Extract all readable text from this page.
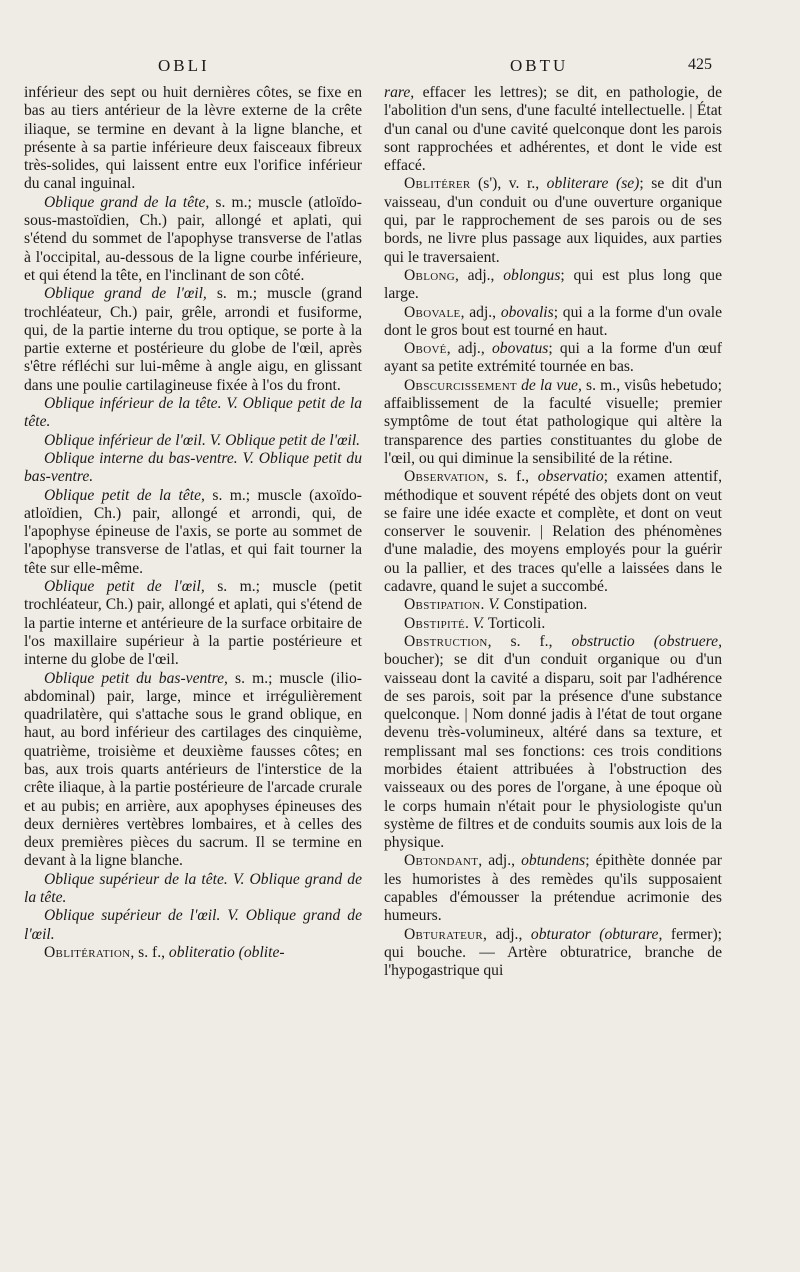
OBLI	OBTU	425

inférieur des sept ou huit dernières côtes, se fixe en bas au tiers antérieur de la lèvre externe de la crête iliaque, se termine en devant à la ligne blanche, et présente à sa partie inférieure deux faisceaux fibreux très-solides, qui laissent entre eux l'orifice inférieur du canal inguinal.

Oblique grand de la tête, s. m.; muscle (atloïdo-sous-mastoïdien, Ch.) pair, allongé et aplati, qui s'étend du sommet de l'apophyse transverse de l'atlas à l'occipital, au-dessous de la ligne courbe inférieure, et qui étend la tête, en l'inclinant de son côté.

Oblique grand de l'œil, s. m.; muscle (grand trochléateur, Ch.) pair, grêle, arrondi et fusiforme, qui, de la partie interne du trou optique, se porte à la partie externe et postérieure du globe de l'œil, après s'être réfléchi sur lui-même à angle aigu, en glissant dans une poulie cartilagineuse fixée à l'os du front.

Oblique inférieur de la tête. V. Oblique petit de la tête.

Oblique inférieur de l'œil. V. Oblique petit de l'œil.

Oblique interne du bas-ventre. V. Oblique petit du bas-ventre.

Oblique petit de la tête, s. m.; muscle (axoïdo-atloïdien, Ch.) pair, allongé et arrondi, qui, de l'apophyse épineuse de l'axis, se porte au sommet de l'apophyse transverse de l'atlas, et qui fait tourner la tête sur elle-même.

Oblique petit de l'œil, s. m.; muscle (petit trochléateur, Ch.) pair, allongé et aplati, qui s'étend de la partie interne et antérieure de la surface orbitaire de l'os maxillaire supérieur à la partie postérieure et interne du globe de l'œil.

Oblique petit du bas-ventre, s. m.; muscle (ilio-abdominal) pair, large, mince et irrégulièrement quadrilatère, qui s'attache sous le grand oblique, en haut, au bord inférieur des cartilages des cinquième, quatrième, troisième et deuxième fausses côtes; en bas, aux trois quarts antérieurs de l'interstice de la crête iliaque, à la partie postérieure de l'arcade crurale et au pubis; en arrière, aux apophyses épineuses des deux dernières vertèbres lombaires, et à celles des deux premières pièces du sacrum. Il se termine en devant à la ligne blanche.

Oblique supérieur de la tête. V. Oblique grand de la tête.

Oblique supérieur de l'œil. V. Oblique grand de l'œil.

Oblitération, s. f., obliteratio (oblite-

rare, effacer les lettres); se dit, en pathologie, de l'abolition d'un sens, d'une faculté intellectuelle. | État d'un canal ou d'une cavité quelconque dont les parois sont rapprochées et adhérentes, et dont le vide est effacé.

Oblitérer (s'), v. r., obliterare (se); se dit d'un vaisseau, d'un conduit ou d'une ouverture organique qui, par le rapprochement de ses parois ou de ses bords, ne livre plus passage aux liquides, aux parties qui le traversaient.

Oblong, adj., oblongus; qui est plus long que large.

Obovale, adj., obovalis; qui a la forme d'un ovale dont le gros bout est tourné en haut.

Obové, adj., obovatus; qui a la forme d'un œuf ayant sa petite extrémité tournée en bas.

Obscurcissement de la vue, s. m., visûs hebetudo; affaiblissement de la faculté visuelle; premier symptôme de tout état pathologique qui altère la transparence des parties constituantes du globe de l'œil, ou qui diminue la sensibilité de la rétine.

Observation, s. f., observatio; examen attentif, méthodique et souvent répété des objets dont on veut se faire une idée exacte et complète, et dont on veut conserver le souvenir. | Relation des phénomènes d'une maladie, des moyens employés pour la guérir ou la pallier, et des traces qu'elle a laissées dans le cadavre, quand le sujet a succombé.

Obstipation. V. Constipation.

Obstipité. V. Torticoli.

Obstruction, s. f., obstructio (obstruere, boucher); se dit d'un conduit organique ou d'un vaisseau dont la cavité a disparu, soit par l'adhérence de ses parois, soit par la présence d'une substance quelconque. | Nom donné jadis à l'état de tout organe devenu très-volumineux, altéré dans sa texture, et remplissant mal ses fonctions: ces trois conditions morbides étaient attribuées à l'obstruction des vaisseaux ou des pores de l'organe, à une époque où le corps humain n'était pour le physiologiste qu'un système de filtres et de conduits soumis aux lois de la physique.

Obtondant, adj., obtundens; épithète donnée par les humoristes à des remèdes qu'ils supposaient capables d'émousser la prétendue acrimonie des humeurs.

Obturateur, adj., obturator (obturare, fermer); qui bouche. — Artère obturatrice, branche de l'hypogastrique qui
